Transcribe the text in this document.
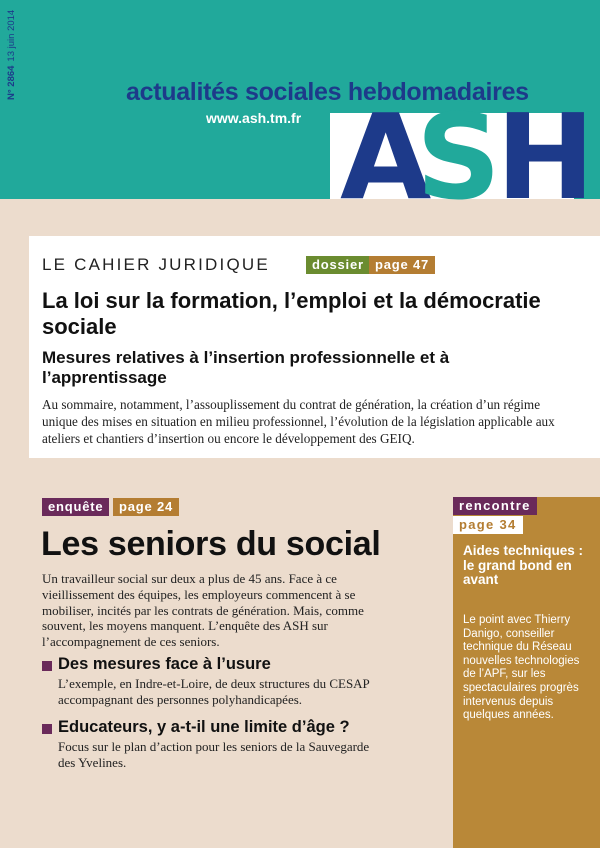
N° 286413 juin 2014
actualités sociales hebdomadaires
www.ash.tm.fr A
S
H
LE CAHIER JURIDIQUE	dossier page 47
La loi sur la formation, l’emploi et la démocratie sociale
Mesures relatives à l’insertion professionnelle et à l’apprentissage
Au sommaire, notamment, l’assouplissement du contrat de génération, la création d’un régime unique des mises en situation en milieu professionnel, l’évolution de la législation applicable aux ateliers et chantiers d’insertion ou encore le développement des GEIQ.
enquête	page 24
Les seniors du social
Un travailleur social sur deux a plus de 45 ans. Face à ce vieillissement des équipes, les employeurs commencent à se mobiliser, incités par les contrats de génération. Mais, comme souvent, les moyens manquent. L’enquête des ASH sur l’accompagnement de ces seniors.
Des mesures face à l’usure
L’exemple, en Indre-et-Loire, de deux structures du CESAP accompagnant des personnes polyhandicapées.
Educateurs, y a-t-il une limite d’âge ?
Focus sur le plan d’action pour les seniors de la Sauvegarde des Yvelines.
rencontre
page 34
Aides techniques : le grand bond en avant
Le point avec Thierry Danigo, conseiller technique du Réseau nouvelles technologies de l’APF, sur les spectaculaires progrès intervenus depuis quelques années.
